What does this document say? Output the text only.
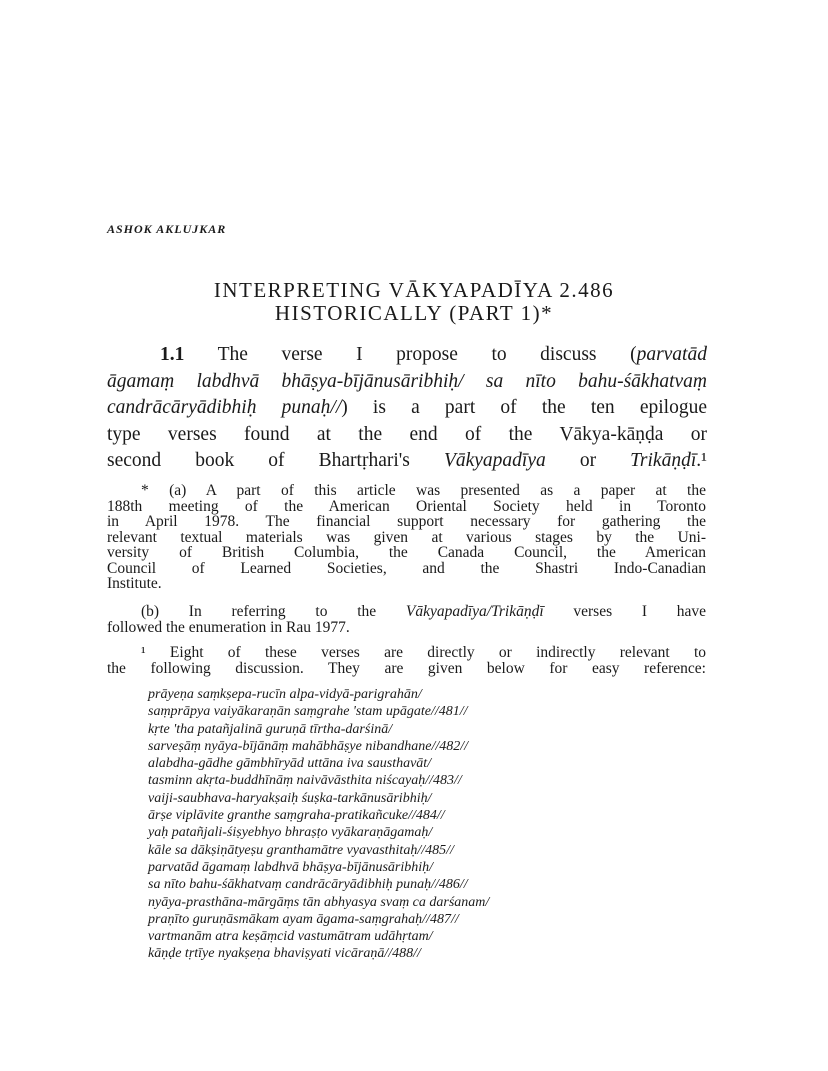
ASHOK AKLUJKAR
INTERPRETING VĀKYAPADĪYA 2.486
HISTORICALLY (PART 1)*
1.1 The verse I propose to discuss (parvatād
āgamaṃ labdhvā bhāṣya-bījānusāribhiḥ/ sa nīto bahu-śākhatvaṃ
candrācāryādibhiḥ punaḥ//) is a part of the ten epilogue
type verses found at the end of the Vākya-kāṇḍa or
second book of Bhartṛhari's Vākyapadīya or Trikāṇḍī.¹
* (a) A part of this article was presented as a paper at the
188th meeting of the American Oriental Society held in Toronto
in April 1978. The financial support necessary for gathering the
relevant textual materials was given at various stages by the Uni-
versity of British Columbia, the Canada Council, the American
Council of Learned Societies, and the Shastri Indo-Canadian
Institute.
(b) In referring to the Vākyapadīya/Trikāṇḍī verses I have
followed the enumeration in Rau 1977.
¹ Eight of these verses are directly or indirectly relevant to
the following discussion. They are given below for easy reference:
prāyeṇa saṃkṣepa-rucīn alpa-vidyā-parigrahān/
saṃprāpya vaiyākaraṇān saṃgrahe 'stam upāgate//481//
kṛte 'tha patañjalinā guruṇā tīrtha-darśinā/
sarveṣāṃ nyāya-bījānāṃ mahābhāṣye nibandhane//482//
alabdha-gādhe gāmbhīryād uttāna iva sausthavāt/
tasminn akṛta-buddhīnāṃ naivāvāsthita niścayaḥ//483//
vaiji-saubhava-haryakṣaiḥ śuṣka-tarkānusāribhiḥ/
ārṣe viplāvite granthe saṃgraha-pratikañcuke//484//
yaḥ patañjali-śiṣyebhyo bhraṣṭo vyākaraṇāgamaḥ/
kāle sa dākṣiṇātyeṣu granthamātre vyavasthitaḥ//485//
parvatād āgamaṃ labdhvā bhāṣya-bījānusāribhiḥ/
sa nīto bahu-śākhatvaṃ candrācāryādibhiḥ punaḥ//486//
nyāya-prasthāna-mārgāṃs tān abhyasya svaṃ ca darśanam/
praṇīto guruṇāsmākam ayam āgama-saṃgrahaḥ//487//
vartmanām atra keṣāṃcid vastumātram udāhṛtam/
kāṇḍe tṛtīye nyakṣeṇa bhaviṣyati vicāraṇā//488//
